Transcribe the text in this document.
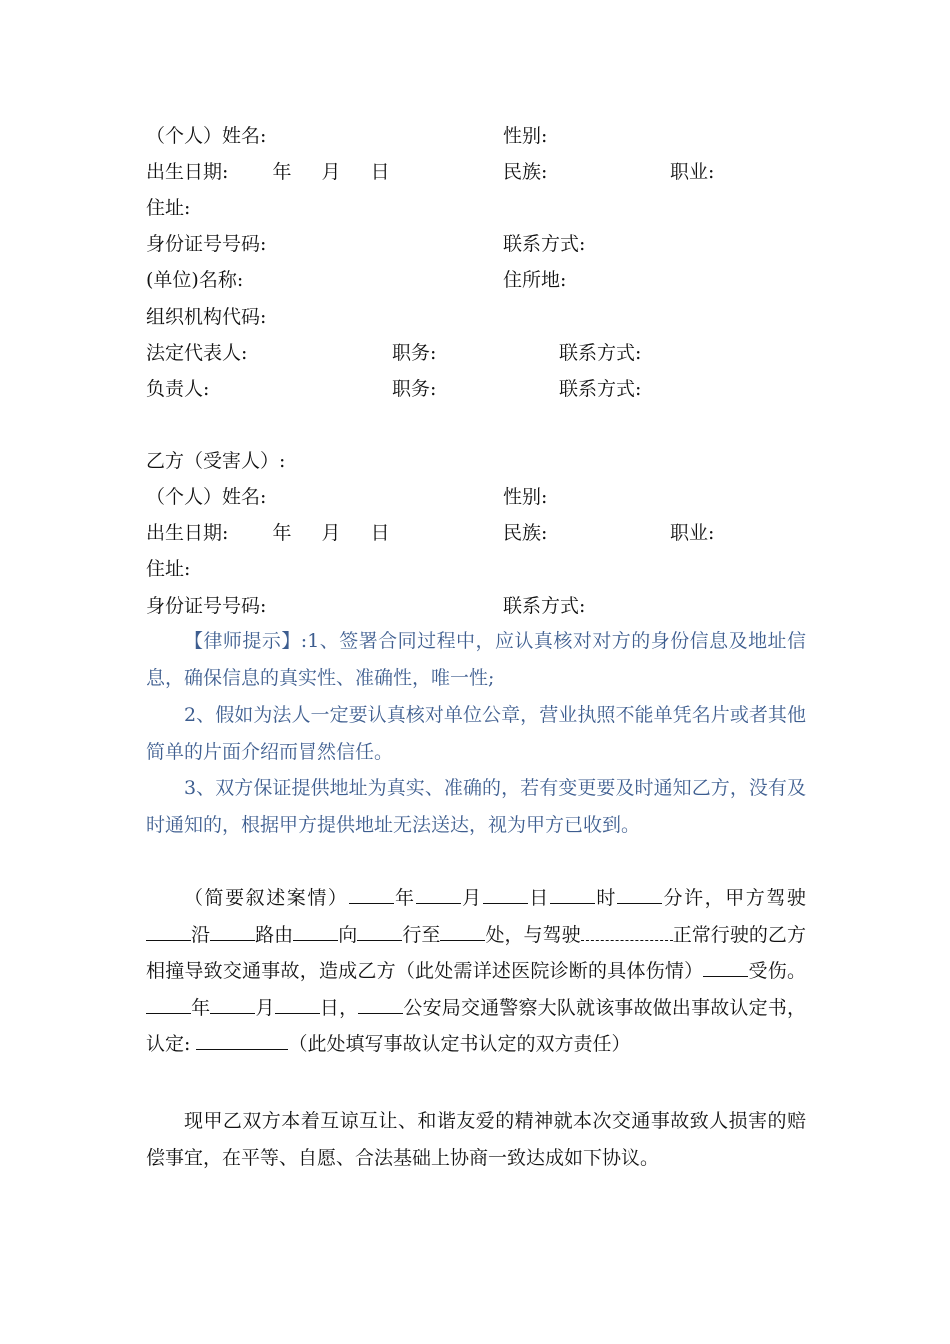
（个人）姓名:	性别:
出生日期: 年 月 日	民族:	职业:
住址:
身份证号号码:	联系方式:
(单位)名称:	住所地:
组织机构代码:
法定代表人:	职务:	联系方式:
负责人:	职务:	联系方式:
乙方（受害人）:
（个人）姓名:	性别:
出生日期: 年 月 日	民族:	职业:
住址:
身份证号号码:	联系方式:
【律师提示】:1、签署合同过程中，应认真核对对方的身份信息及地址信息，确保信息的真实性、准确性，唯一性;
2、假如为法人一定要认真核对单位公章，营业执照不能单凭名片或者其他简单的片面介绍而冒然信任。
3、双方保证提供地址为真实、准确的，若有变更要及时通知乙方，没有及时通知的，根据甲方提供地址无法送达，视为甲方已收到。
（简要叙述案情） 年 月 日 时 分许，甲方驾驶沿 路由 向 行至 处，与驾驶	正常行驶的乙方相撞导致交通事故，造成乙方（此处需详述医院诊断的具体伤情） 受伤。年 月 日， 公安局交通警察大队就该事故做出事故认定书，认定:	（此处填写事故认定书认定的双方责任）
现甲乙双方本着互谅互让、和谐友爱的精神就本次交通事故致人损害的赔偿事宜，在平等、自愿、合法基础上协商一致达成如下协议。
